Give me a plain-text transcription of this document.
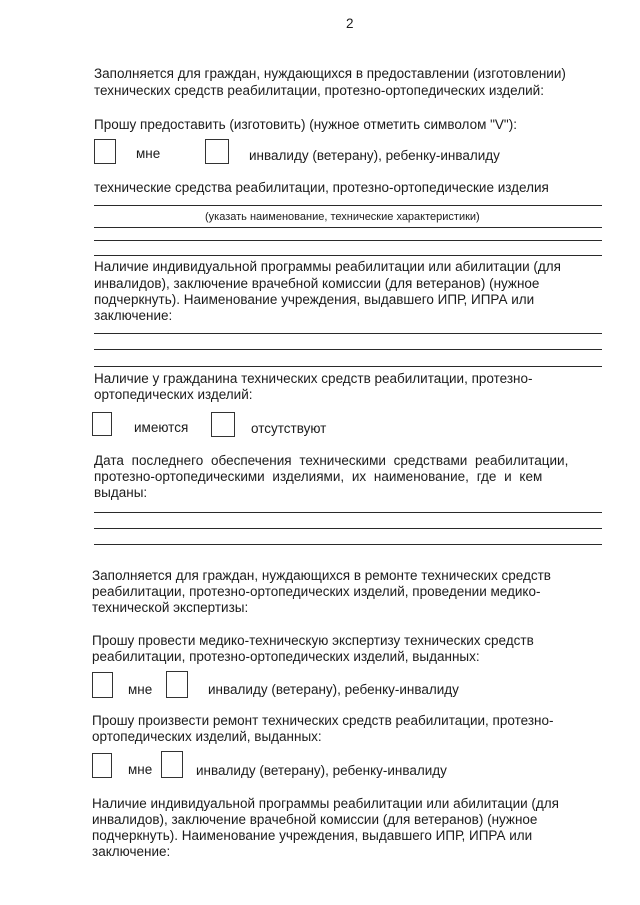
2
Заполняется для граждан, нуждающихся в предоставлении (изготовлении)
технических средств реабилитации, протезно-ортопедических изделий:
Прошу предоставить (изготовить) (нужное отметить символом "V"):
мне	инвалиду (ветерану), ребенку-инвалиду
технические средства реабилитации, протезно-ортопедические изделия
(указать наименование, технические характеристики)
Наличие индивидуальной программы реабилитации или абилитации (для
инвалидов), заключение врачебной комиссии (для ветеранов) (нужное
подчеркнуть). Наименование учреждения, выдавшего ИПР, ИПРА или
заключение:
Наличие у гражданина технических средств реабилитации, протезно-
ортопедических изделий:
имеются	отсутствуют
Дата последнего обеспечения техническими средствами реабилитации,
протезно-ортопедическими изделиями, их наименование, где и кем
выданы:
Заполняется для граждан, нуждающихся в ремонте технических средств
реабилитации, протезно-ортопедических изделий, проведении медико-
технической экспертизы:
Прошу провести медико-техническую экспертизу технических средств
реабилитации, протезно-ортопедических изделий, выданных:
мне	инвалиду (ветерану), ребенку-инвалиду
Прошу произвести ремонт технических средств реабилитации, протезно-
ортопедических изделий, выданных:
мне	инвалиду (ветерану), ребенку-инвалиду
Наличие индивидуальной программы реабилитации или абилитации (для
инвалидов), заключение врачебной комиссии (для ветеранов) (нужное
подчеркнуть). Наименование учреждения, выдавшего ИПР, ИПРА или
заключение:
